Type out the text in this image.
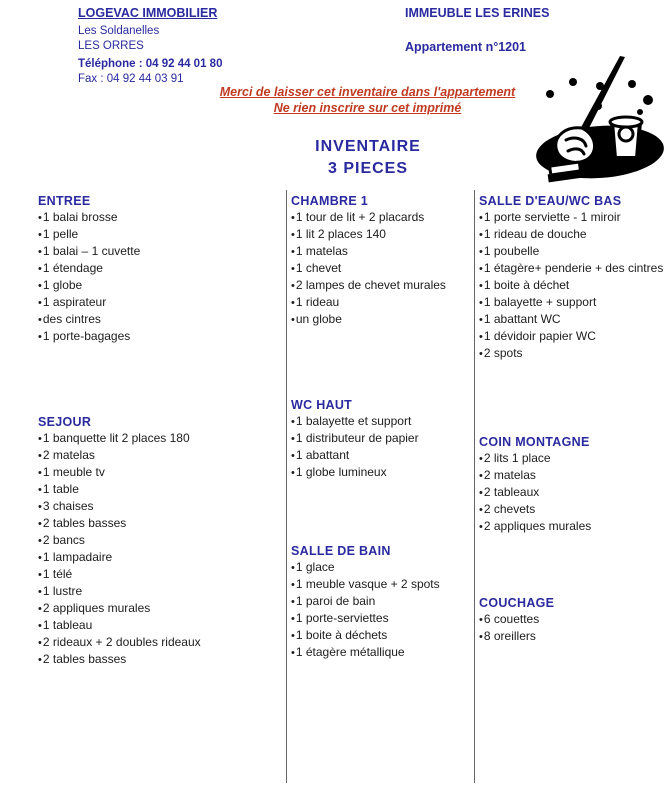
LOGEVAC IMMOBILIER
Les Soldanelles
LES ORRES
Téléphone : 04 92 44 01 80
Fax : 04 92 44 03 91
IMMEUBLE LES ERINES
Appartement n°1201
Merci de laisser cet inventaire dans l'appartement
Ne rien inscrire sur cet imprimé
INVENTAIRE
3 PIECES
ENTREE
• 1 balai brosse
• 1 pelle
• 1 balai – 1 cuvette
• 1 étendage
• 1 globe
• 1 aspirateur
• des cintres
• 1 porte-bagages
SEJOUR
• 1 banquette lit 2 places 180
• 2 matelas
• 1 meuble tv
• 1 table
• 3 chaises
• 2 tables basses
• 2 bancs
• 1 lampadaire
• 1 télé
• 1 lustre
• 2 appliques murales
• 1 tableau
• 2 rideaux + 2 doubles rideaux
• 2 tables basses
CHAMBRE 1
• 1 tour de lit + 2 placards
• 1 lit 2 places 140
• 1 matelas
• 1 chevet
• 2 lampes de chevet murales
• 1 rideau
• un globe
WC HAUT
• 1 balayette et support
• 1 distributeur de papier
• 1 abattant
• 1 globe lumineux
SALLE DE BAIN
• 1 glace
• 1 meuble vasque + 2 spots
• 1 paroi de bain
• 1 porte-serviettes
• 1 boite à déchets
• 1 étagère métallique
SALLE D'EAU/WC BAS
• 1 porte serviette - 1 miroir
• 1 rideau de douche
• 1 poubelle
• 1 étagère+ penderie + des cintres
• 1 boite à déchet
• 1 balayette + support
• 1 abattant WC
• 1 dévidoir papier WC
• 2 spots
COIN MONTAGNE
• 2 lits 1 place
• 2 matelas
• 2 tableaux
• 2 chevets
• 2 appliques murales
COUCHAGE
• 6 couettes
• 8 oreillers
